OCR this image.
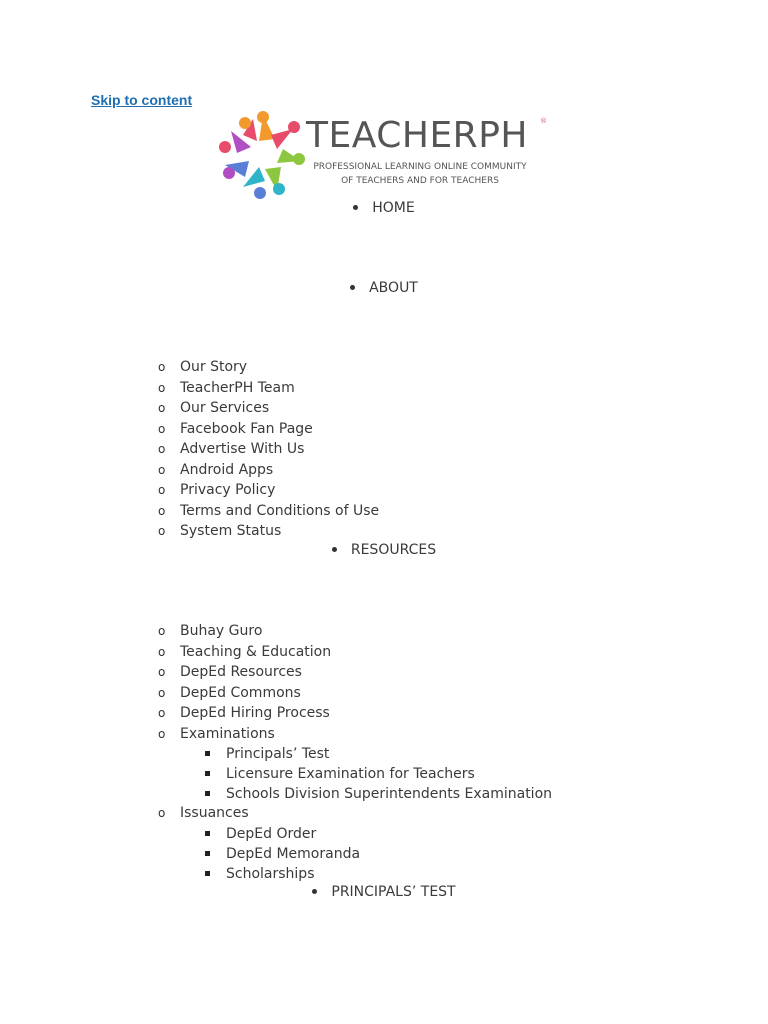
Skip to content
TEACHERPH ®
PROFESSIONAL LEARNING ONLINE COMMUNITY
OF TEACHERS AND FOR TEACHERS
HOME
ABOUT
o Our Story
o TeacherPH Team
o Our Services
o Facebook Fan Page
o Advertise With Us
o Android Apps
o Privacy Policy
o Terms and Conditions of Use
o System Status
RESOURCES
o Buhay Guro
o Teaching & Education
o DepEd Resources
o DepEd Commons
o DepEd Hiring Process
o Examinations
Principals’ Test
Licensure Examination for Teachers
Schools Division Superintendents Examination
o Issuances
DepEd Order
DepEd Memoranda
Scholarships
PRINCIPALS’ TEST
